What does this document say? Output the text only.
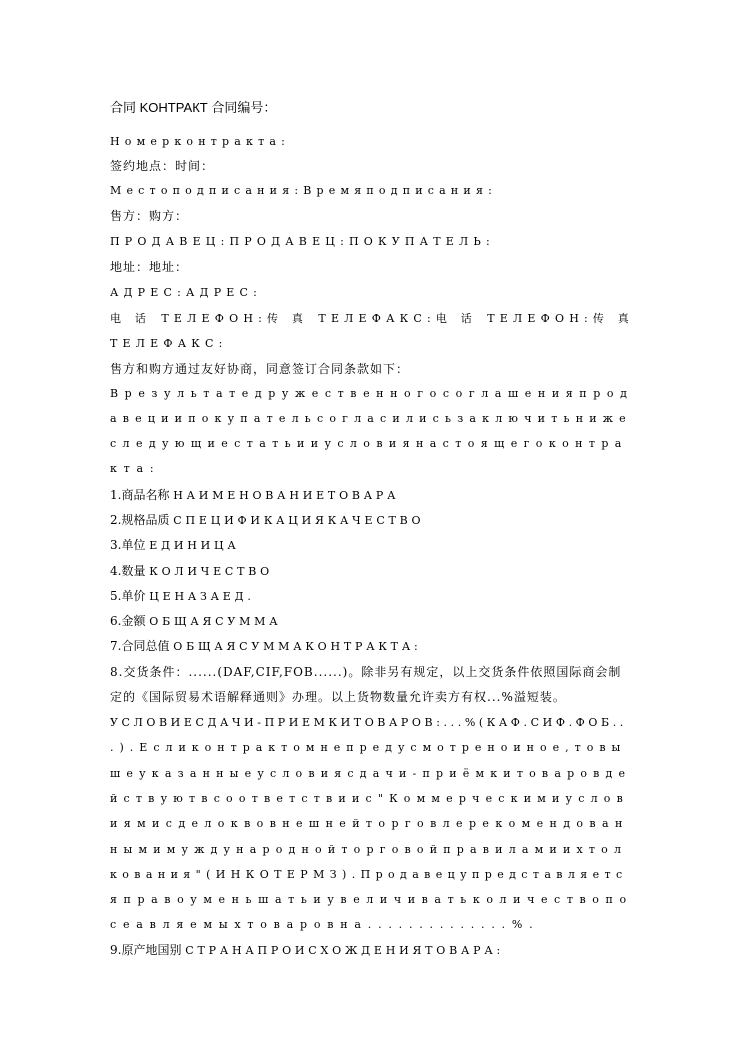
合同 KOНТРАКТ 合同编号：
Номерконтракта:
签约地点：时间：
Местоподписания:Времяподписания:
售方：购方：
ПРОДАВЕЦ:ПРОДАВЕЦ:ПОКУПАТЕЛЬ:
地址：地址：
АДРЕС:АДРЕС:
电 话 ТЕЛЕФОН:传 真 ТЕЛЕФАКС:电 话 ТЕЛЕФОН:传 真
ТЕЛЕФАКС:
售方和购方通过友好协商，同意签订合同条款如下：
Врезультатедружественногосоглашенияпрод
авециипокупательсогласилисьзаключитьниже
следующиестатьииусловиянастоящегоконтра
кта:
1.商品名称 НАИМЕНОВАНИЕТОВАРА
2.规格品质 СПЕЦИФИКАЦИЯКАЧЕСТВО
3.单位 ЕДИНИЦА
4.数量 КОЛИЧЕСТВО
5.单价 ЦЕНАЗАЕД.
6.金额 ОБЩАЯСУММА
7.合同总值 ОБЩАЯСУММАКОНТРАКТА:
8.交货条件：......(DAF,CIF,FOB......)。除非另有规定，以上交货条件依照国际商会制
定的《国际贸易术语解释通则》办理。以上货物数量允许卖方有权...%溢短装。
УСЛОВИЕСДАЧИ-ПРИЕМКИТОВАРОВ:...%(КАФ.СИФ.ФОБ..
.).Есликонтрактомнепредусмотреноиное,товы
шеуказанныеусловиясдачи-приёмкитоваровде
йствуютвсоответствиис"Коммерческимиуслов
иямисделоквовнешнейторговлерекомендован
нымимуждународнойторговойправиламиихтол
кования"(ИНКОТЕРМЗ).Продавецупредставляетс
яправоуменьшатьиувеличиватьколичествопо
сеавляемыхтоваровна..............%.
9.原产地国别 СТРАНАПРОИСХОЖДЕНИЯТОВАРА:
